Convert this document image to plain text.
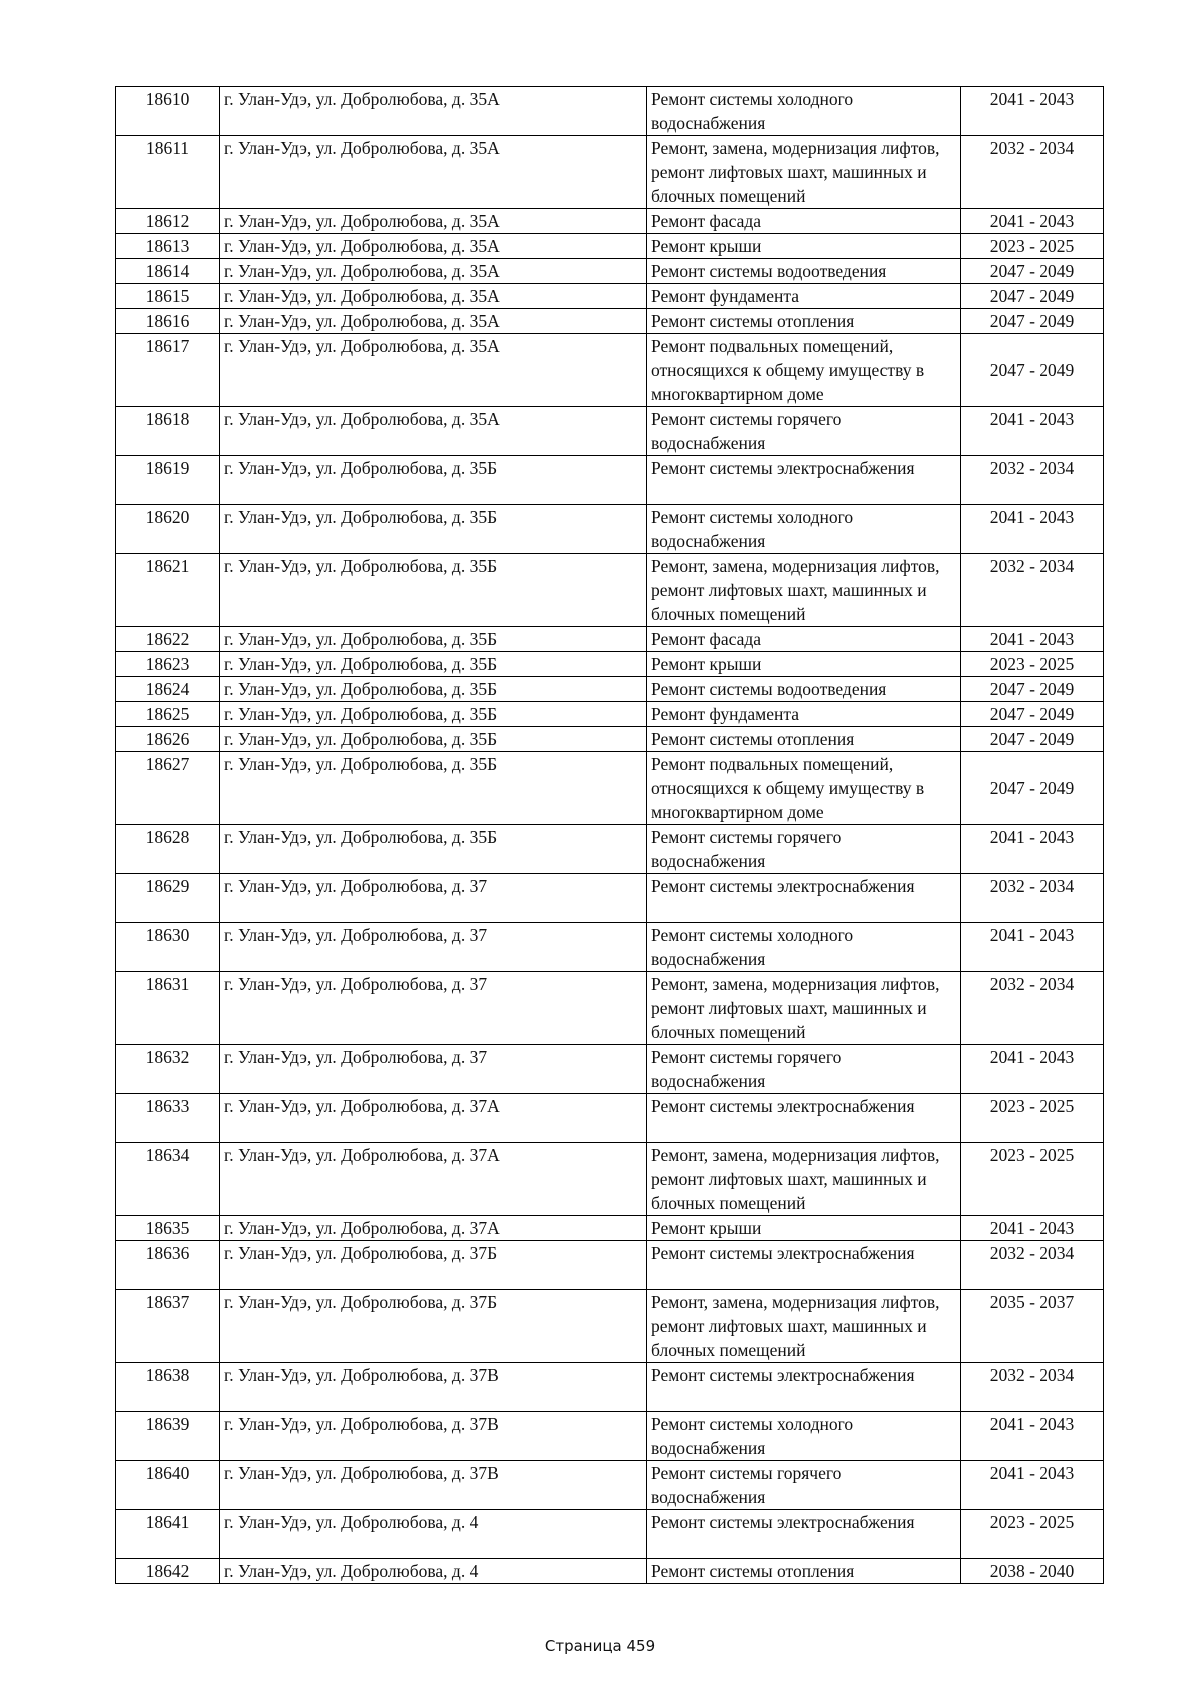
18610	г. Улан-Удэ, ул. Добролюбова, д. 35А	Ремонт системы холодного водоснабжения	2041 - 2043
18611	г. Улан-Удэ, ул. Добролюбова, д. 35А	Ремонт, замена, модернизация лифтов, ремонт лифтовых шахт, машинных и блочных помещений	2032 - 2034
18612	г. Улан-Удэ, ул. Добролюбова, д. 35А	Ремонт фасада	2041 - 2043
18613	г. Улан-Удэ, ул. Добролюбова, д. 35А	Ремонт крыши	2023 - 2025
18614	г. Улан-Удэ, ул. Добролюбова, д. 35А	Ремонт системы водоотведения	2047 - 2049
18615	г. Улан-Удэ, ул. Добролюбова, д. 35А	Ремонт фундамента	2047 - 2049
18616	г. Улан-Удэ, ул. Добролюбова, д. 35А	Ремонт системы отопления	2047 - 2049
18617	г. Улан-Удэ, ул. Добролюбова, д. 35А	Ремонт подвальных помещений, относящихся к общему имуществу в многоквартирном доме	2047 - 2049
18618	г. Улан-Удэ, ул. Добролюбова, д. 35А	Ремонт системы горячего водоснабжения	2041 - 2043
18619	г. Улан-Удэ, ул. Добролюбова, д. 35Б	Ремонт системы электроснабжения	2032 - 2034
18620	г. Улан-Удэ, ул. Добролюбова, д. 35Б	Ремонт системы холодного водоснабжения	2041 - 2043
18621	г. Улан-Удэ, ул. Добролюбова, д. 35Б	Ремонт, замена, модернизация лифтов, ремонт лифтовых шахт, машинных и блочных помещений	2032 - 2034
18622	г. Улан-Удэ, ул. Добролюбова, д. 35Б	Ремонт фасада	2041 - 2043
18623	г. Улан-Удэ, ул. Добролюбова, д. 35Б	Ремонт крыши	2023 - 2025
18624	г. Улан-Удэ, ул. Добролюбова, д. 35Б	Ремонт системы водоотведения	2047 - 2049
18625	г. Улан-Удэ, ул. Добролюбова, д. 35Б	Ремонт фундамента	2047 - 2049
18626	г. Улан-Удэ, ул. Добролюбова, д. 35Б	Ремонт системы отопления	2047 - 2049
18627	г. Улан-Удэ, ул. Добролюбова, д. 35Б	Ремонт подвальных помещений, относящихся к общему имуществу в многоквартирном доме	2047 - 2049
18628	г. Улан-Удэ, ул. Добролюбова, д. 35Б	Ремонт системы горячего водоснабжения	2041 - 2043
18629	г. Улан-Удэ, ул. Добролюбова, д. 37	Ремонт системы электроснабжения	2032 - 2034
18630	г. Улан-Удэ, ул. Добролюбова, д. 37	Ремонт системы холодного водоснабжения	2041 - 2043
18631	г. Улан-Удэ, ул. Добролюбова, д. 37	Ремонт, замена, модернизация лифтов, ремонт лифтовых шахт, машинных и блочных помещений	2032 - 2034
18632	г. Улан-Удэ, ул. Добролюбова, д. 37	Ремонт системы горячего водоснабжения	2041 - 2043
18633	г. Улан-Удэ, ул. Добролюбова, д. 37А	Ремонт системы электроснабжения	2023 - 2025
18634	г. Улан-Удэ, ул. Добролюбова, д. 37А	Ремонт, замена, модернизация лифтов, ремонт лифтовых шахт, машинных и блочных помещений	2023 - 2025
18635	г. Улан-Удэ, ул. Добролюбова, д. 37А	Ремонт крыши	2041 - 2043
18636	г. Улан-Удэ, ул. Добролюбова, д. 37Б	Ремонт системы электроснабжения	2032 - 2034
18637	г. Улан-Удэ, ул. Добролюбова, д. 37Б	Ремонт, замена, модернизация лифтов, ремонт лифтовых шахт, машинных и блочных помещений	2035 - 2037
18638	г. Улан-Удэ, ул. Добролюбова, д. 37В	Ремонт системы электроснабжения	2032 - 2034
18639	г. Улан-Удэ, ул. Добролюбова, д. 37В	Ремонт системы холодного водоснабжения	2041 - 2043
18640	г. Улан-Удэ, ул. Добролюбова, д. 37В	Ремонт системы горячего водоснабжения	2041 - 2043
18641	г. Улан-Удэ, ул. Добролюбова, д. 4	Ремонт системы электроснабжения	2023 - 2025
18642	г. Улан-Удэ, ул. Добролюбова, д. 4	Ремонт системы отопления	2038 - 2040
Страница 459
